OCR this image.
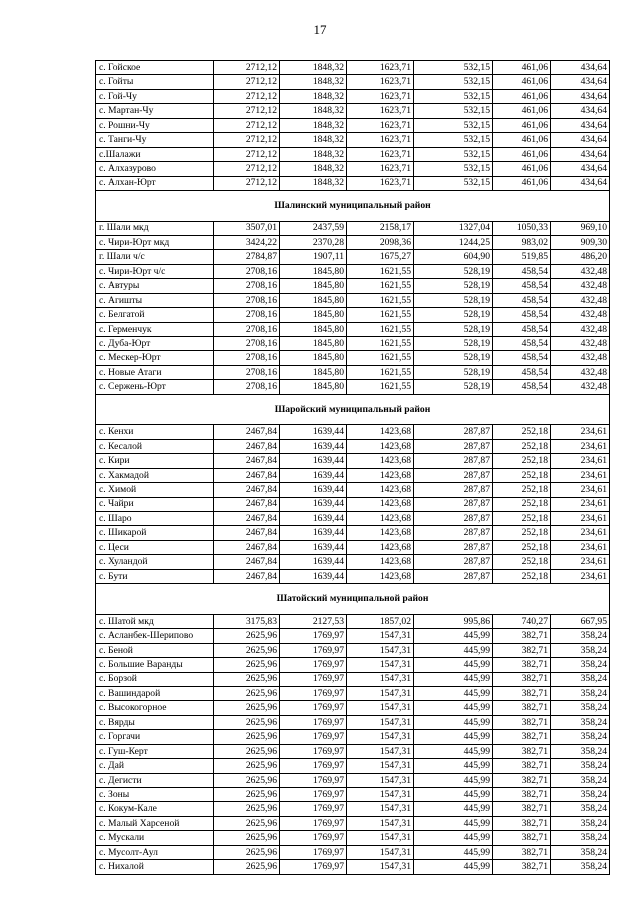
17
с. Гойское	2712,12	1848,32	1623,71	532,15	461,06	434,64
с. Гойты	2712,12	1848,32	1623,71	532,15	461,06	434,64
с. Гой-Чу	2712,12	1848,32	1623,71	532,15	461,06	434,64
с. Мартан-Чу	2712,12	1848,32	1623,71	532,15	461,06	434,64
с. Рошни-Чу	2712,12	1848,32	1623,71	532,15	461,06	434,64
с. Танги-Чу	2712,12	1848,32	1623,71	532,15	461,06	434,64
с.Шалажи	2712,12	1848,32	1623,71	532,15	461,06	434,64
с. Алхазурово	2712,12	1848,32	1623,71	532,15	461,06	434,64
с. Алхан-Юрт	2712,12	1848,32	1623,71	532,15	461,06	434,64
Шалинский муниципальный район						
г. Шали мкд	3507,01	2437,59	2158,17	1327,04	1050,33	969,10
с. Чири-Юрт мкд	3424,22	2370,28	2098,36	1244,25	983,02	909,30
г. Шали ч/с	2784,87	1907,11	1675,27	604,90	519,85	486,20
с. Чири-Юрт ч/с	2708,16	1845,80	1621,55	528,19	458,54	432,48
с. Автуры	2708,16	1845,80	1621,55	528,19	458,54	432,48
с. Агишты	2708,16	1845,80	1621,55	528,19	458,54	432,48
с. Белгатой	2708,16	1845,80	1621,55	528,19	458,54	432,48
с. Герменчук	2708,16	1845,80	1621,55	528,19	458,54	432,48
с. Дуба-Юрт	2708,16	1845,80	1621,55	528,19	458,54	432,48
с. Мескер-Юрт	2708,16	1845,80	1621,55	528,19	458,54	432,48
с. Новые Атаги	2708,16	1845,80	1621,55	528,19	458,54	432,48
с. Сержень-Юрт	2708,16	1845,80	1621,55	528,19	458,54	432,48
Шаройский муниципальный район						
с. Кенхи	2467,84	1639,44	1423,68	287,87	252,18	234,61
с. Кесалой	2467,84	1639,44	1423,68	287,87	252,18	234,61
с. Кири	2467,84	1639,44	1423,68	287,87	252,18	234,61
с. Хакмадой	2467,84	1639,44	1423,68	287,87	252,18	234,61
с. Химой	2467,84	1639,44	1423,68	287,87	252,18	234,61
с. Чайри	2467,84	1639,44	1423,68	287,87	252,18	234,61
с. Шаро	2467,84	1639,44	1423,68	287,87	252,18	234,61
с. Шикарой	2467,84	1639,44	1423,68	287,87	252,18	234,61
с. Цеси	2467,84	1639,44	1423,68	287,87	252,18	234,61
с. Хуландой	2467,84	1639,44	1423,68	287,87	252,18	234,61
с. Бути	2467,84	1639,44	1423,68	287,87	252,18	234,61
Шатойский муниципальной район						
с. Шатой мкд	3175,83	2127,53	1857,02	995,86	740,27	667,95
с. Асланбек-Шерипово	2625,96	1769,97	1547,31	445,99	382,71	358,24
с. Беной	2625,96	1769,97	1547,31	445,99	382,71	358,24
с. Большие Варанды	2625,96	1769,97	1547,31	445,99	382,71	358,24
с. Борзой	2625,96	1769,97	1547,31	445,99	382,71	358,24
с. Вашиндарой	2625,96	1769,97	1547,31	445,99	382,71	358,24
с. Высокогорное	2625,96	1769,97	1547,31	445,99	382,71	358,24
с. Вярды	2625,96	1769,97	1547,31	445,99	382,71	358,24
с. Горгачи	2625,96	1769,97	1547,31	445,99	382,71	358,24
с. Гуш-Керт	2625,96	1769,97	1547,31	445,99	382,71	358,24
с. Дай	2625,96	1769,97	1547,31	445,99	382,71	358,24
с. Дегисти	2625,96	1769,97	1547,31	445,99	382,71	358,24
с. Зоны	2625,96	1769,97	1547,31	445,99	382,71	358,24
с. Кокум-Кале	2625,96	1769,97	1547,31	445,99	382,71	358,24
с. Малый Харсеной	2625,96	1769,97	1547,31	445,99	382,71	358,24
с. Мускали	2625,96	1769,97	1547,31	445,99	382,71	358,24
с. Мусолт-Аул	2625,96	1769,97	1547,31	445,99	382,71	358,24
с. Нихалой	2625,96	1769,97	1547,31	445,99	382,71	358,24
